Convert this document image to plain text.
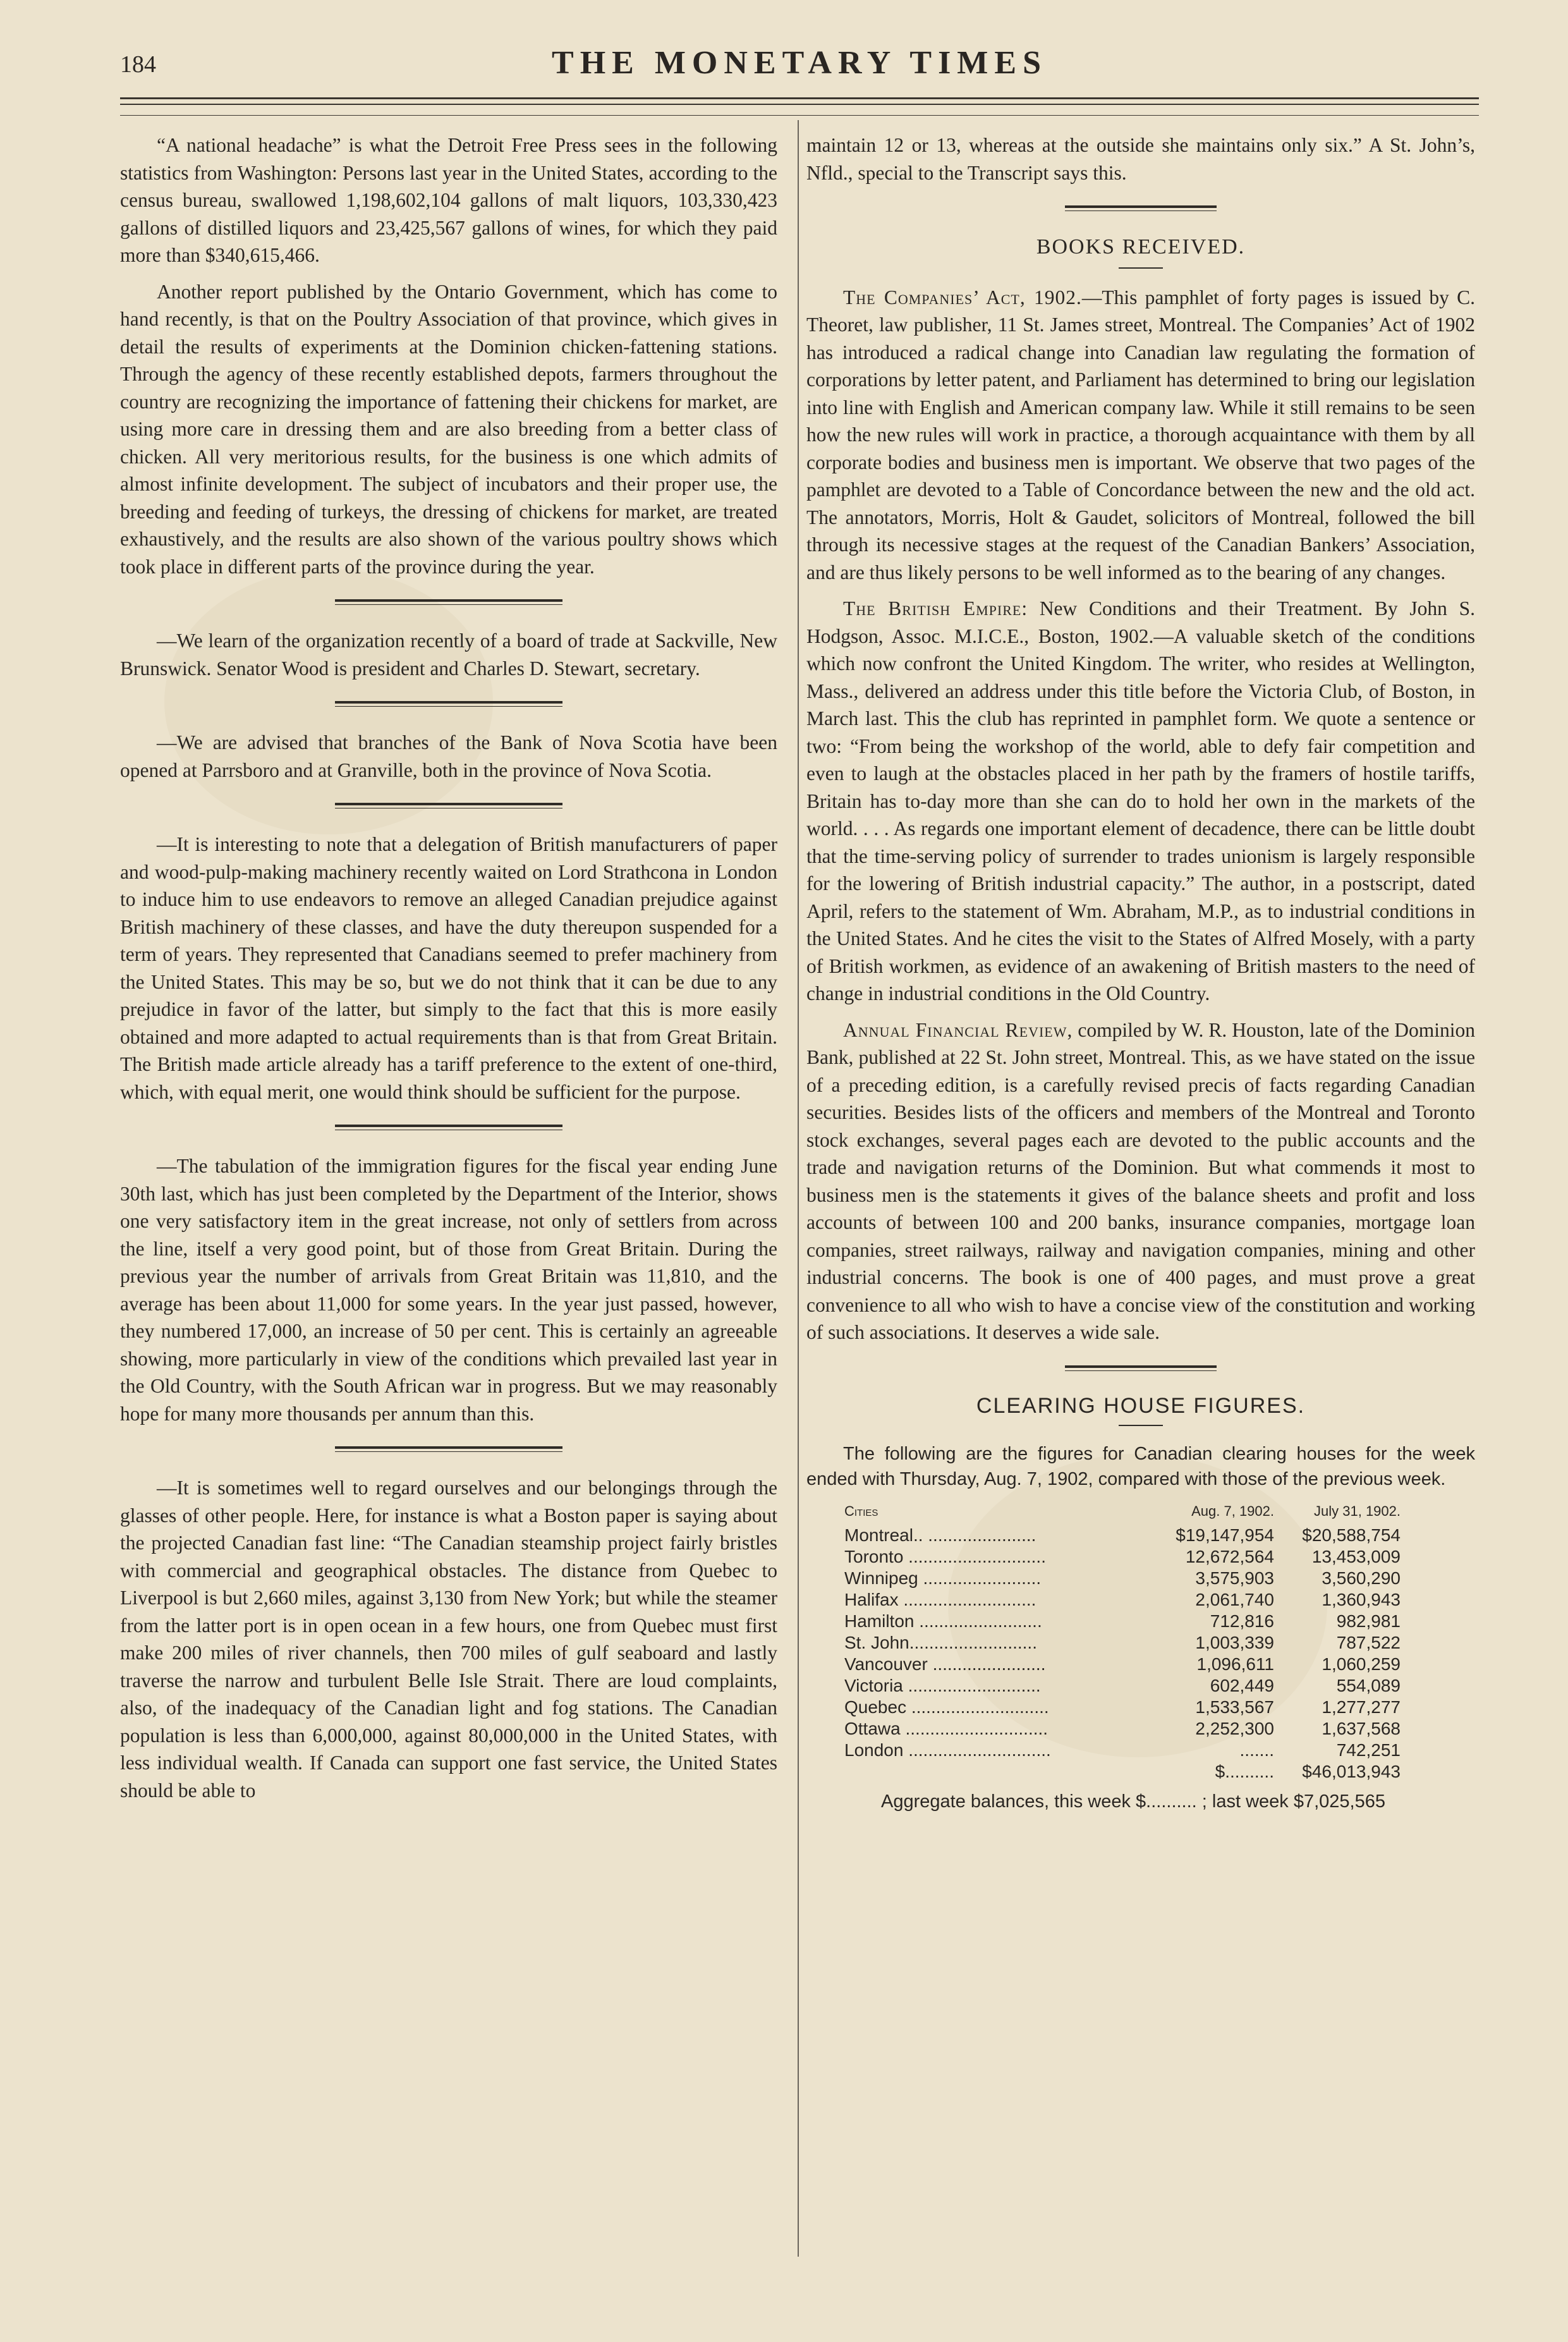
184	THE MONETARY TIMES

“A national headache” is what the Detroit Free Press sees in the following statistics from Washington: Persons last year in the United States, according to the census bureau, swallowed 1,198,602,104 gallons of malt liquors, 103,330,423 gallons of distilled liquors and 23,425,567 gallons of wines, for which they paid more than $340,615,466.

Another report published by the Ontario Government, which has come to hand recently, is that on the Poultry Association of that province, which gives in detail the results of experiments at the Dominion chicken-fattening stations. Through the agency of these recently established depots, farmers throughout the country are recognizing the importance of fattening their chickens for market, are using more care in dressing them and are also breeding from a better class of chicken. All very meritorious results, for the business is one which admits of almost infinite development. The subject of incubators and their proper use, the breeding and feeding of turkeys, the dressing of chickens for market, are treated exhaustively, and the results are also shown of the various poultry shows which took place in different parts of the province during the year.

—We learn of the organization recently of a board of trade at Sackville, New Brunswick. Senator Wood is president and Charles D. Stewart, secretary.

—We are advised that branches of the Bank of Nova Scotia have been opened at Parrsboro and at Granville, both in the province of Nova Scotia.

—It is interesting to note that a delegation of British manufacturers of paper and wood-pulp-making machinery recently waited on Lord Strathcona in London to induce him to use endeavors to remove an alleged Canadian prejudice against British machinery of these classes, and have the duty thereupon suspended for a term of years. They represented that Canadians seemed to prefer machinery from the United States. This may be so, but we do not think that it can be due to any prejudice in favor of the latter, but simply to the fact that this is more easily obtained and more adapted to actual requirements than is that from Great Britain. The British made article already has a tariff preference to the extent of one-third, which, with equal merit, one would think should be sufficient for the purpose.

—The tabulation of the immigration figures for the fiscal year ending June 30th last, which has just been completed by the Department of the Interior, shows one very satisfactory item in the great increase, not only of settlers from across the line, itself a very good point, but of those from Great Britain. During the previous year the number of arrivals from Great Britain was 11,810, and the average has been about 11,000 for some years. In the year just passed, however, they numbered 17,000, an increase of 50 per cent. This is certainly an agreeable showing, more particularly in view of the conditions which prevailed last year in the Old Country, with the South African war in progress. But we may reasonably hope for many more thousands per annum than this.

—It is sometimes well to regard ourselves and our belongings through the glasses of other people. Here, for instance is what a Boston paper is saying about the projected Canadian fast line: “The Canadian steamship project fairly bristles with commercial and geographical obstacles. The distance from Quebec to Liverpool is but 2,660 miles, against 3,130 from New York; but while the steamer from the latter port is in open ocean in a few hours, one from Quebec must first make 200 miles of river channels, then 700 miles of gulf seaboard and lastly traverse the narrow and turbulent Belle Isle Strait. There are loud complaints, also, of the inadequacy of the Canadian light and fog stations. The Canadian population is less than 6,000,000, against 80,000,000 in the United States, with less individual wealth. If Canada can support one fast service, the United States should be able to

maintain 12 or 13, whereas at the outside she maintains only six.” A St. John’s, Nfld., special to the Transcript says this.

BOOKS RECEIVED.

The Companies’ Act, 1902.—This pamphlet of forty pages is issued by C. Theoret, law publisher, 11 St. James street, Montreal. The Companies’ Act of 1902 has introduced a radical change into Canadian law regulating the formation of corporations by letter patent, and Parliament has determined to bring our legislation into line with English and American company law. While it still remains to be seen how the new rules will work in practice, a thorough acquaintance with them by all corporate bodies and business men is important. We observe that two pages of the pamphlet are devoted to a Table of Concordance between the new and the old act. The annotators, Morris, Holt & Gaudet, solicitors of Montreal, followed the bill through its necessive stages at the request of the Canadian Bankers’ Association, and are thus likely persons to be well informed as to the bearing of any changes.

The British Empire: New Conditions and their Treatment. By John S. Hodgson, Assoc. M.I.C.E., Boston, 1902.—A valuable sketch of the conditions which now confront the United Kingdom. The writer, who resides at Wellington, Mass., delivered an address under this title before the Victoria Club, of Boston, in March last. This the club has reprinted in pamphlet form. We quote a sentence or two: “From being the workshop of the world, able to defy fair competition and even to laugh at the obstacles placed in her path by the framers of hostile tariffs, Britain has to-day more than she can do to hold her own in the markets of the world. . . . As regards one important element of decadence, there can be little doubt that the time-serving policy of surrender to trades unionism is largely responsible for the lowering of British industrial capacity.” The author, in a postscript, dated April, refers to the statement of Wm. Abraham, M.P., as to industrial conditions in the United States. And he cites the visit to the States of Alfred Mosely, with a party of British workmen, as evidence of an awakening of British masters to the need of change in industrial conditions in the Old Country.

Annual Financial Review, compiled by W. R. Houston, late of the Dominion Bank, published at 22 St. John street, Montreal. This, as we have stated on the issue of a preceding edition, is a carefully revised precis of facts regarding Canadian securities. Besides lists of the officers and members of the Montreal and Toronto stock exchanges, several pages each are devoted to the public accounts and the trade and navigation returns of the Dominion. But what commends it most to business men is the statements it gives of the balance sheets and profit and loss accounts of between 100 and 200 banks, insurance companies, mortgage loan companies, street railways, railway and navigation companies, mining and other industrial concerns. The book is one of 400 pages, and must prove a great convenience to all who wish to have a concise view of the constitution and working of such associations. It deserves a wide sale.

CLEARING HOUSE FIGURES.

The following are the figures for Canadian clearing houses for the week ended with Thursday, Aug. 7, 1902, compared with those of the previous week.

Cities	Aug. 7, 1902.	July 31, 1902.
Montreal.. ......................	$19,147,954	$20,588,754
Toronto ............................	12,672,564	13,453,009
Winnipeg ........................	3,575,903	3,560,290
Halifax ...........................	2,061,740	1,360,943
Hamilton .........................	712,816	982,981
St. John..........................	1,003,339	787,522
Vancouver .......................	1,096,611	1,060,259
Victoria ...........................	602,449	554,089
Quebec ............................	1,533,567	1,277,277
Ottawa .............................	2,252,300	1,637,568
London .............................	.......	742,251
	$..........	$46,013,943

Aggregate balances, this week $.......... ; last week $7,025,565
